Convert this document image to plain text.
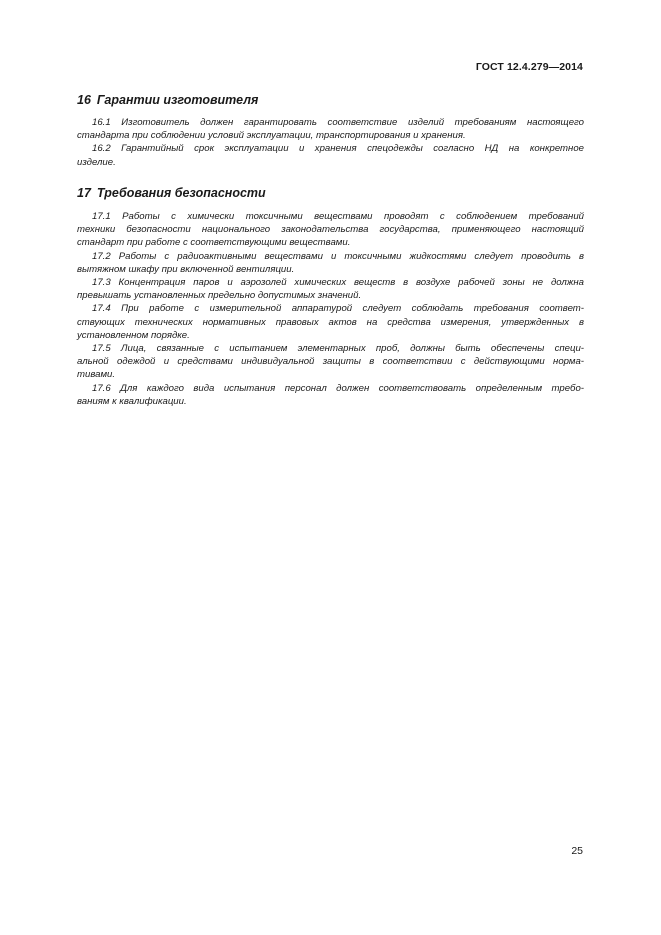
ГОСТ 12.4.279—2014
16 Гарантии изготовителя
16.1 Изготовитель должен гарантировать соответствие изделий требованиям настоящего
стандарта при соблюдении условий эксплуатации, транспортирования и хранения.
16.2 Гарантийный срок эксплуатации и хранения спецодежды согласно НД на конкретное
изделие.
17 Требования безопасности
17.1 Работы с химически токсичными веществами проводят с соблюдением требований
техники безопасности национального законодательства государства, применяющего настоящий
стандарт при работе с соответствующими веществами.
17.2 Работы с радиоактивными веществами и токсичными жидкостями следует проводить в
вытяжном шкафу при включенной вентиляции.
17.3 Концентрация паров и аэрозолей химических веществ в воздухе рабочей зоны не должна
превышать установленных предельно допустимых значений.
17.4 При работе с измерительной аппаратурой следует соблюдать требования соответ-
ствующих технических нормативных правовых актов на средства измерения, утвержденных в
установленном порядке.
17.5 Лица, связанные с испытанием элементарных проб, должны быть обеспечены специ-
альной одеждой и средствами индивидуальной защиты в соответствии с действующими норма-
тивами.
17.6 Для каждого вида испытания персонал должен соответствовать определенным требо-
ваниям к квалификации.
25
